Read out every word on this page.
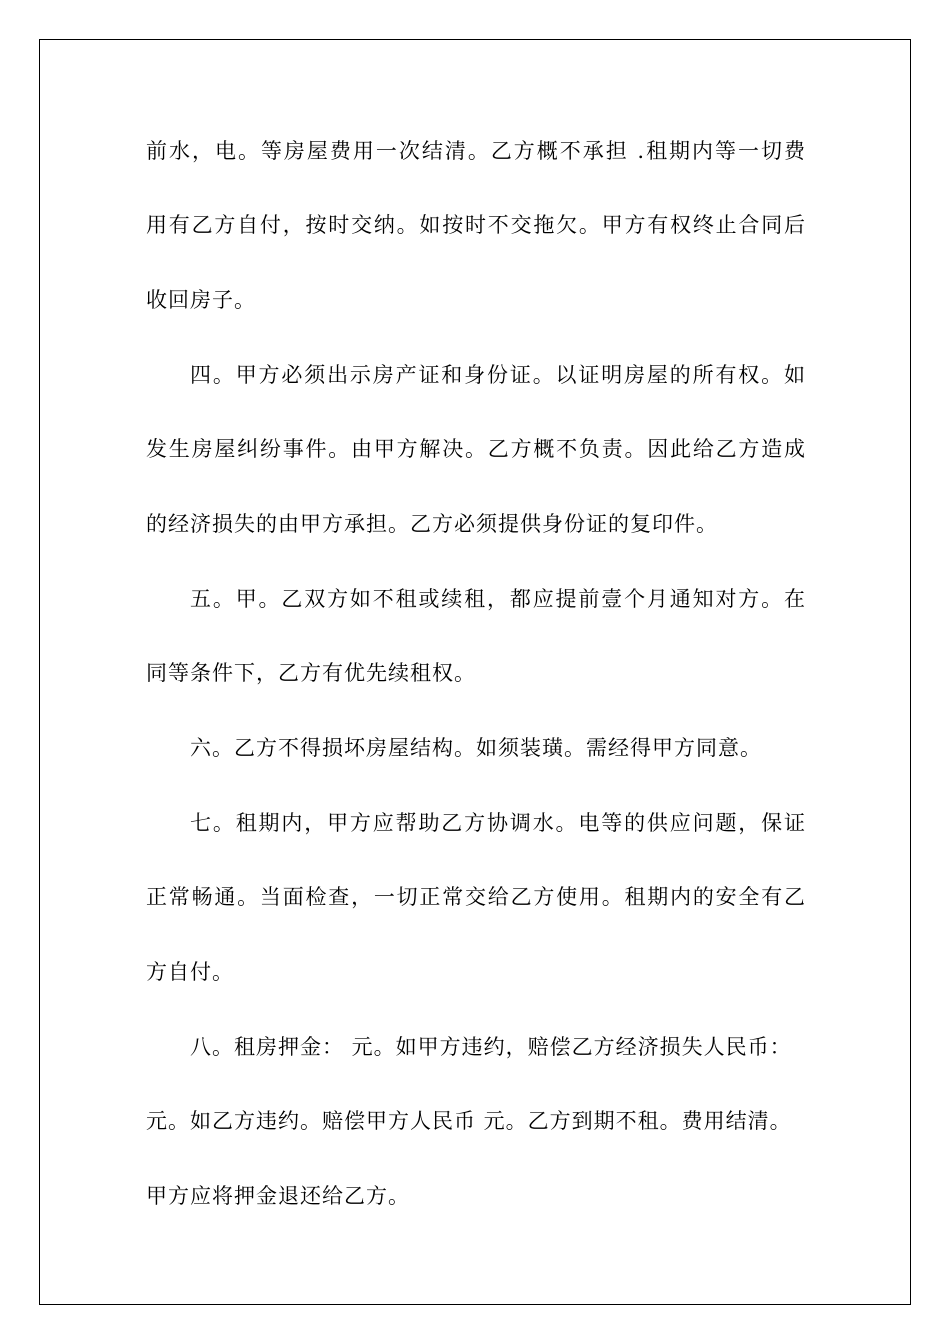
前水，电。等房屋费用一次结清。乙方概不承担 .租期内等一切费
用有乙方自付，按时交纳。如按时不交拖欠。甲方有权终止合同后
收回房子。
四。甲方必须出示房产证和身份证。以证明房屋的所有权。如
发生房屋纠纷事件。由甲方解决。乙方概不负责。因此给乙方造成
的经济损失的由甲方承担。乙方必须提供身份证的复印件。
五。甲。乙双方如不租或续租，都应提前壹个月通知对方。在
同等条件下，乙方有优先续租权。
六。乙方不得损坏房屋结构。如须装璜。需经得甲方同意。
七。租期内，甲方应帮助乙方协调水。电等的供应问题，保证
正常畅通。当面检查，一切正常交给乙方使用。租期内的安全有乙
方自付。
八。租房押金： 元。如甲方违约，赔偿乙方经济损失人民币：
元。如乙方违约。赔偿甲方人民币 元。乙方到期不租。费用结清。
甲方应将押金退还给乙方。
